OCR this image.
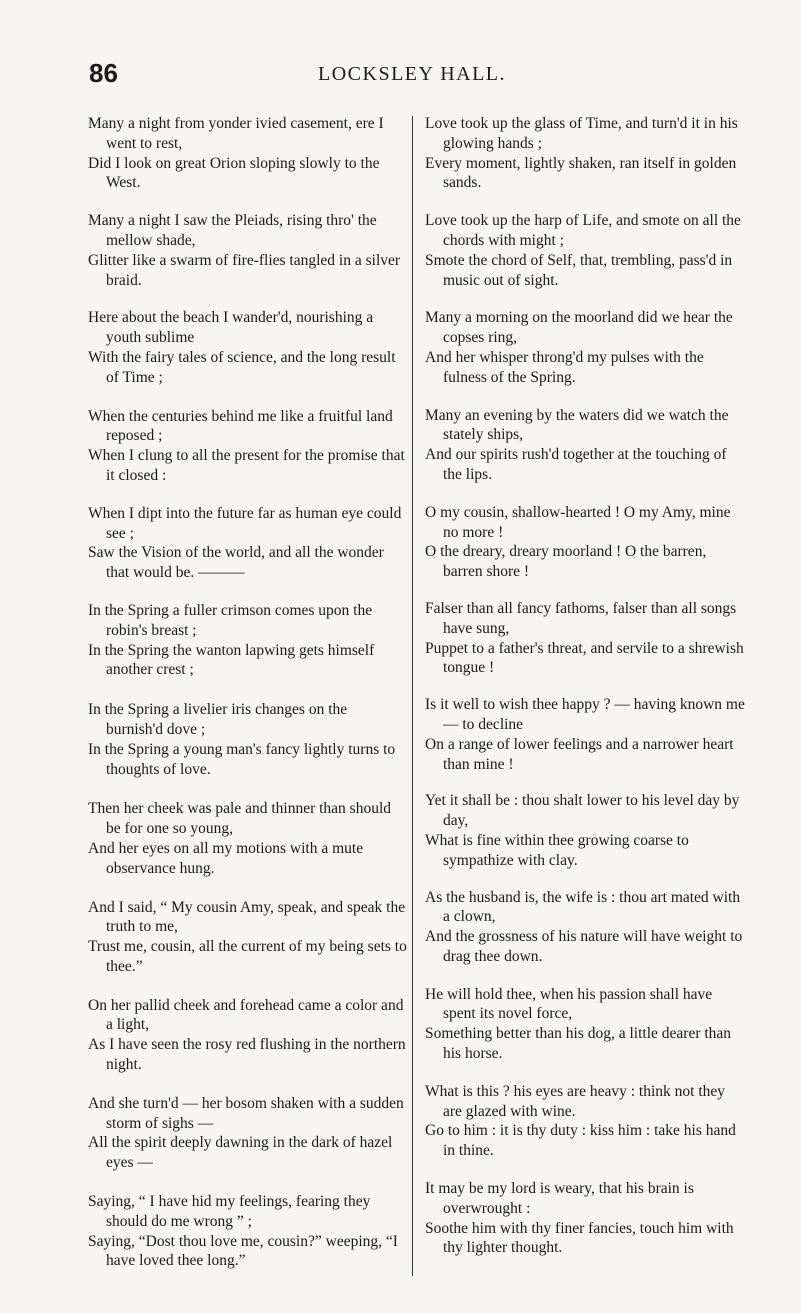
86	LOCKSLEY HALL.
Many a night from yonder ivied casement, ere I went to rest,
Did I look on great Orion sloping slowly to the West.
Many a night I saw the Pleiads, rising thro' the mellow shade,
Glitter like a swarm of fire-flies tangled in a silver braid.
Here about the beach I wander'd, nourishing a youth sublime
With the fairy tales of science, and the long result of Time ;
When the centuries behind me like a fruitful land reposed ;
When I clung to all the present for the promise that it closed :
When I dipt into the future far as human eye could see ;
Saw the Vision of the world, and all the wonder that would be. ———
In the Spring a fuller crimson comes upon the robin's breast ;
In the Spring the wanton lapwing gets himself another crest ;
In the Spring a livelier iris changes on the burnish'd dove ;
In the Spring a young man's fancy lightly turns to thoughts of love.
Then her cheek was pale and thinner than should be for one so young,
And her eyes on all my motions with a mute observance hung.
And I said, “ My cousin Amy, speak, and speak the truth to me,
Trust me, cousin, all the current of my being sets to thee.”
On her pallid cheek and forehead came a color and a light,
As I have seen the rosy red flushing in the northern night.
And she turn'd — her bosom shaken with a sudden storm of sighs —
All the spirit deeply dawning in the dark of hazel eyes —
Saying, “ I have hid my feelings, fearing they should do me wrong ” ;
Saying, “Dost thou love me, cousin?” weeping, “I have loved thee long.”
Love took up the glass of Time, and turn'd it in his glowing hands ;
Every moment, lightly shaken, ran itself in golden sands.
Love took up the harp of Life, and smote on all the chords with might ;
Smote the chord of Self, that, trembling, pass'd in music out of sight.
Many a morning on the moorland did we hear the copses ring,
And her whisper throng'd my pulses with the fulness of the Spring.
Many an evening by the waters did we watch the stately ships,
And our spirits rush'd together at the touching of the lips.
O my cousin, shallow-hearted ! O my Amy, mine no more !
O the dreary, dreary moorland ! O the barren, barren shore !
Falser than all fancy fathoms, falser than all songs have sung,
Puppet to a father's threat, and servile to a shrewish tongue !
Is it well to wish thee happy ? — having known me — to decline
On a range of lower feelings and a narrower heart than mine !
Yet it shall be : thou shalt lower to his level day by day,
What is fine within thee growing coarse to sympathize with clay.
As the husband is, the wife is : thou art mated with a clown,
And the grossness of his nature will have weight to drag thee down.
He will hold thee, when his passion shall have spent its novel force,
Something better than his dog, a little dearer than his horse.
What is this ? his eyes are heavy : think not they are glazed with wine.
Go to him : it is thy duty : kiss him : take his hand in thine.
It may be my lord is weary, that his brain is overwrought :
Soothe him with thy finer fancies, touch him with thy lighter thought.
